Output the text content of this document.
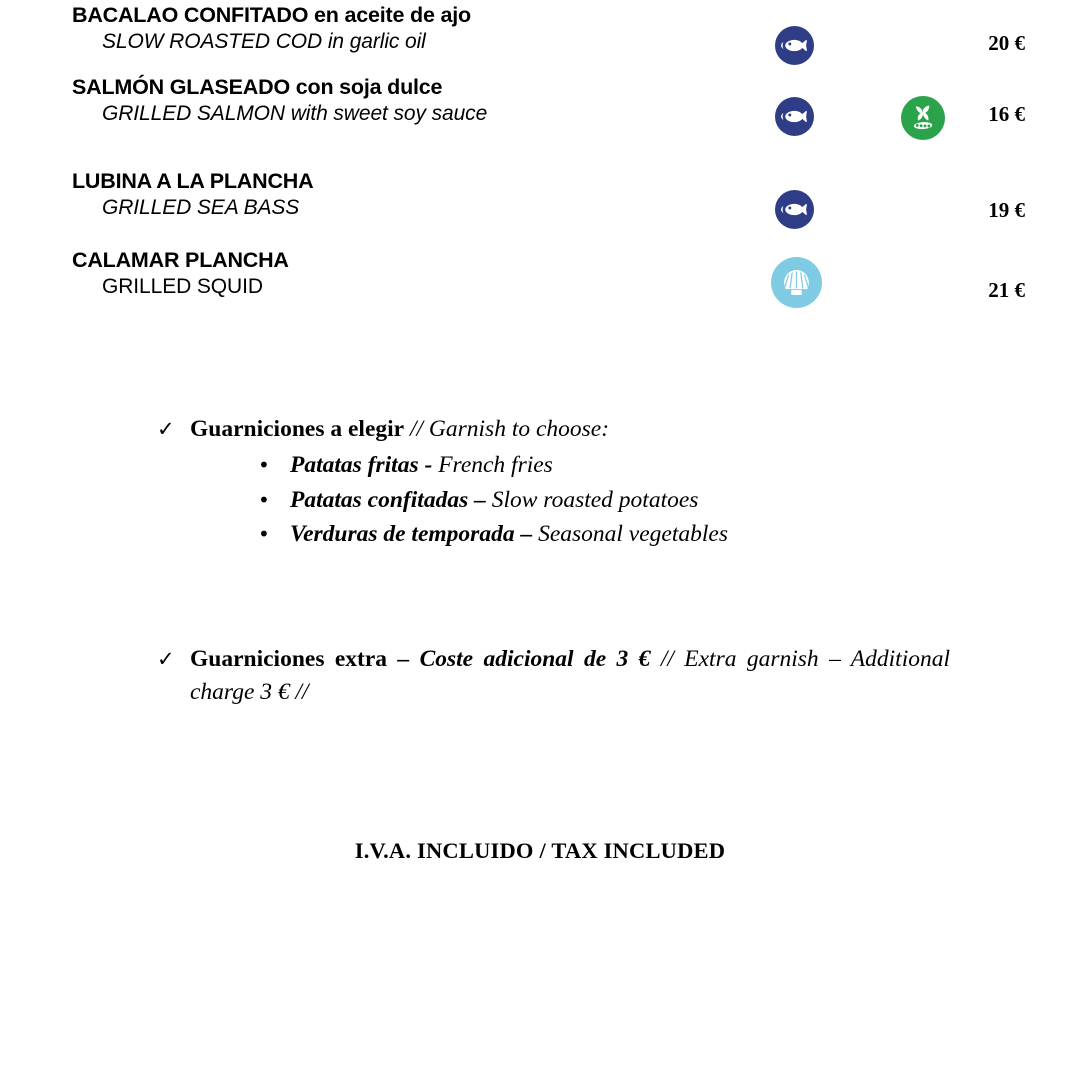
BACALAO CONFITADO en aceite de ajo
SLOW ROASTED COD in garlic oil	20 €
SALMÓN GLASEADO con soja dulce
GRILLED SALMON with sweet soy sauce	16 €
LUBINA A LA PLANCHA
GRILLED SEA BASS	19 €
CALAMAR PLANCHA
GRILLED SQUID	21 €
✓ Guarniciones a elegir // Garnish to choose:
• Patatas fritas - French fries
• Patatas confitadas – Slow roasted potatoes
• Verduras de temporada – Seasonal vegetables
✓ Guarniciones extra – Coste adicional de 3 € // Extra garnish – Additional charge 3 € //
I.V.A. INCLUIDO / TAX INCLUDED
